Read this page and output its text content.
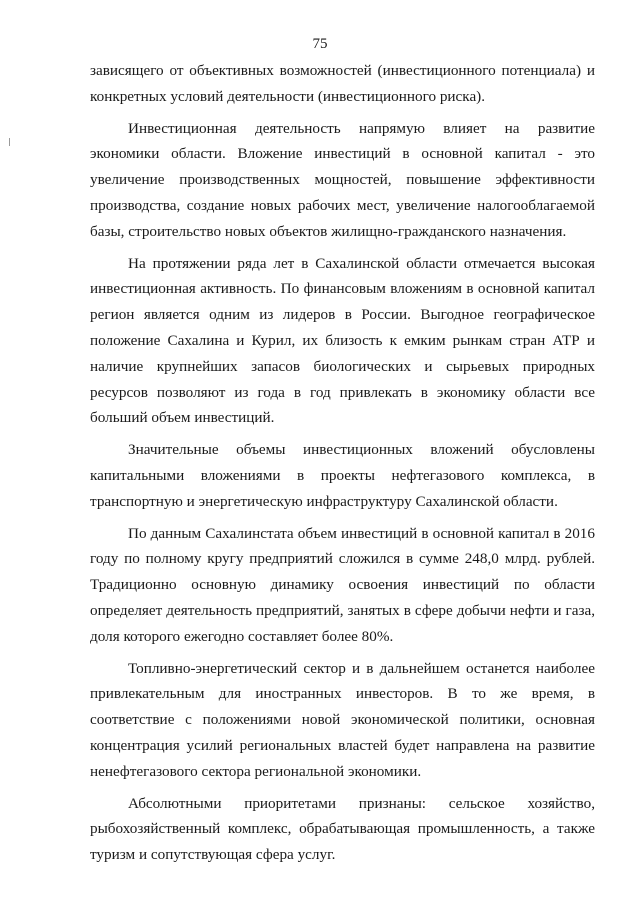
75

зависящего от объективных возможностей (инвестиционного потенциала) и конкретных условий деятельности (инвестиционного риска).

Инвестиционная деятельность напрямую влияет на развитие экономики области. Вложение инвестиций в основной капитал - это увеличение производственных мощностей, повышение эффективности производства, создание новых рабочих мест, увеличение налогооблагаемой базы, строительство новых объектов жилищно-гражданского назначения.

На протяжении ряда лет в Сахалинской области отмечается высокая инвестиционная активность. По финансовым вложениям в основной капитал регион является одним из лидеров в России. Выгодное географическое положение Сахалина и Курил, их близость к емким рынкам стран АТР и наличие крупнейших запасов биологических и сырьевых природных ресурсов позволяют из года в год привлекать в экономику области все больший объем инвестиций.

Значительные объемы инвестиционных вложений обусловлены капитальными вложениями в проекты нефтегазового комплекса, в транспортную и энергетическую инфраструктуру Сахалинской области.

По данным Сахалинстата объем инвестиций в основной капитал в 2016 году по полному кругу предприятий сложился в сумме 248,0 млрд. рублей. Традиционно основную динамику освоения инвестиций по области определяет деятельность предприятий, занятых в сфере добычи нефти и газа, доля которого ежегодно составляет более 80%.

Топливно-энергетический сектор и в дальнейшем останется наиболее привлекательным для иностранных инвесторов. В то же время, в соответствие с положениями новой экономической политики, основная концентрация усилий региональных властей будет направлена на развитие ненефтегазового сектора региональной экономики.

Абсолютными приоритетами признаны: сельское хозяйство, рыбохозяйственный комплекс, обрабатывающая промышленность, а также туризм и сопутствующая сфера услуг.
